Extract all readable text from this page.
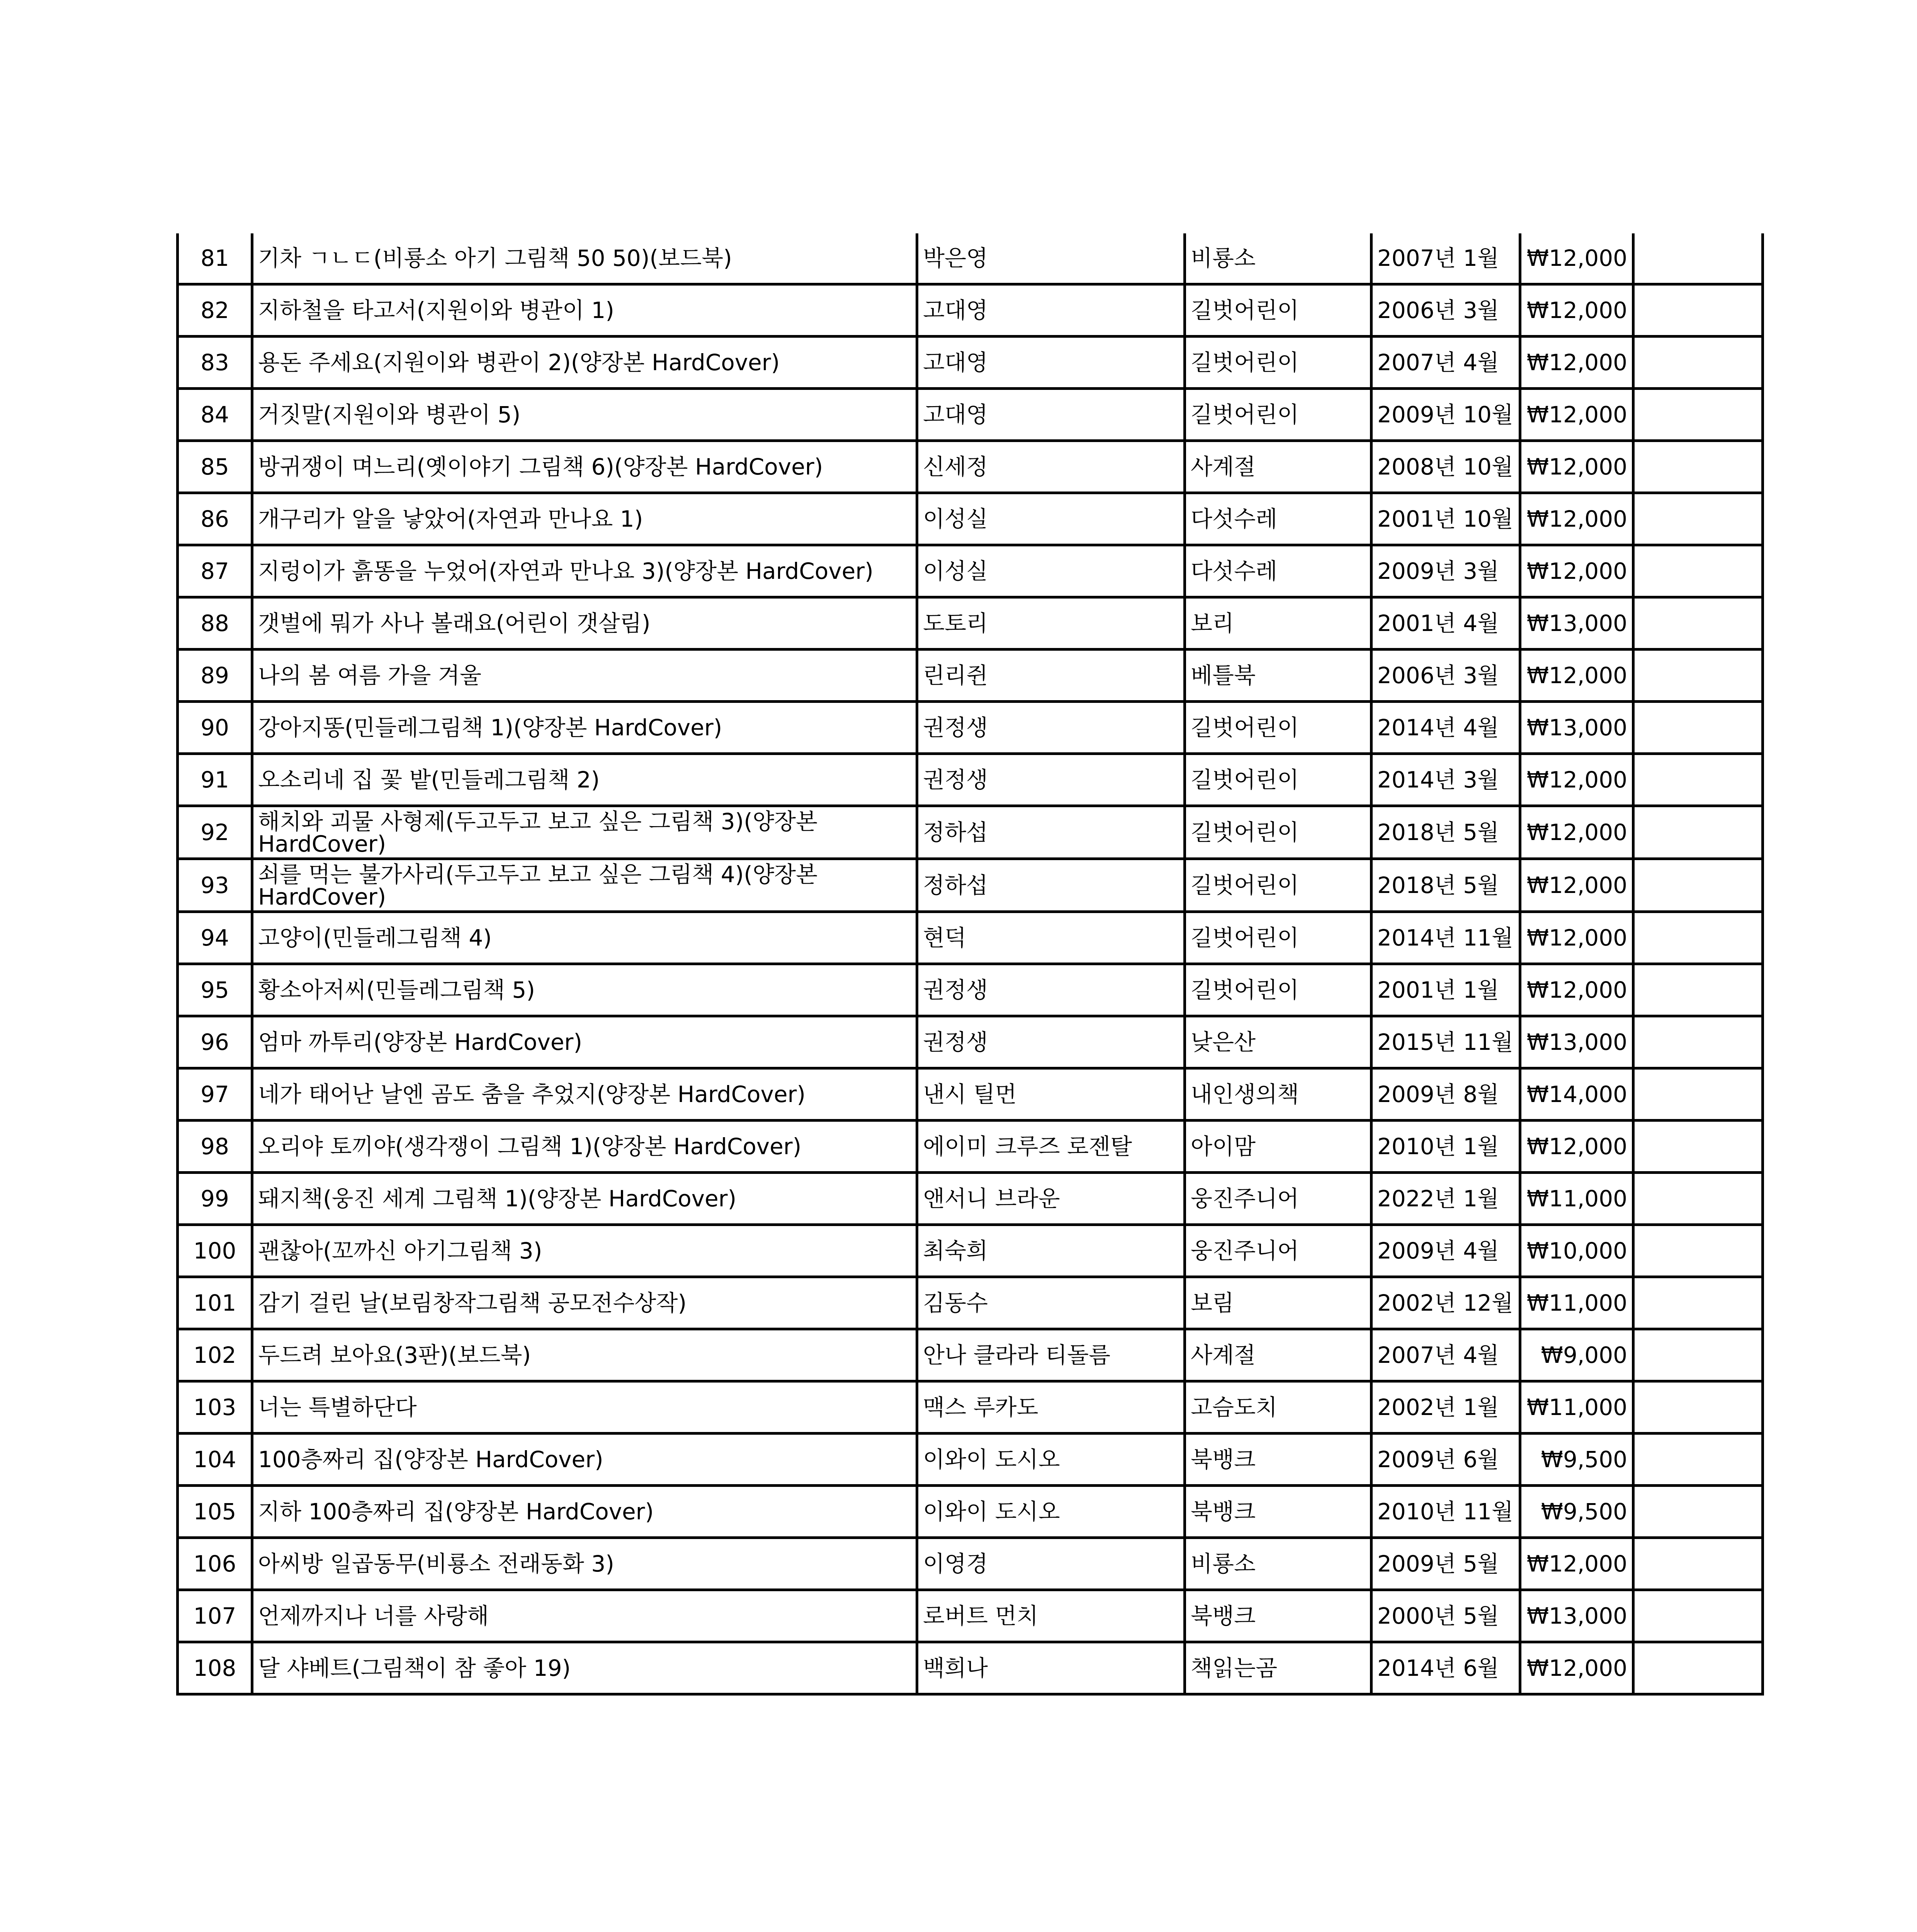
81	기차 ㄱㄴㄷ(비룡소 아기 그림책 50 50)(보드북)	박은영	비룡소	2007년 1월	₩12,000	
82	지하철을 타고서(지원이와 병관이 1)	고대영	길벗어린이	2006년 3월	₩12,000	
83	용돈 주세요(지원이와 병관이 2)(양장본 HardCover)	고대영	길벗어린이	2007년 4월	₩12,000	
84	거짓말(지원이와 병관이 5)	고대영	길벗어린이	2009년 10월	₩12,000	
85	방귀쟁이 며느리(옛이야기 그림책 6)(양장본 HardCover)	신세정	사계절	2008년 10월	₩12,000	
86	개구리가 알을 낳았어(자연과 만나요 1)	이성실	다섯수레	2001년 10월	₩12,000	
87	지렁이가 흙똥을 누었어(자연과 만나요 3)(양장본 HardCover)	이성실	다섯수레	2009년 3월	₩12,000	
88	갯벌에 뭐가 사나 볼래요(어린이 갯살림)	도토리	보리	2001년 4월	₩13,000	
89	나의 봄 여름 가을 겨울	린리쥔	베틀북	2006년 3월	₩12,000	
90	강아지똥(민들레그림책 1)(양장본 HardCover)	권정생	길벗어린이	2014년 4월	₩13,000	
91	오소리네 집 꽃 밭(민들레그림책 2)	권정생	길벗어린이	2014년 3월	₩12,000	
92	해치와 괴물 사형제(두고두고 보고 싶은 그림책 3)(양장본 HardCover)	정하섭	길벗어린이	2018년 5월	₩12,000	
93	쇠를 먹는 불가사리(두고두고 보고 싶은 그림책 4)(양장본 HardCover)	정하섭	길벗어린이	2018년 5월	₩12,000	
94	고양이(민들레그림책 4)	현덕	길벗어린이	2014년 11월	₩12,000	
95	황소아저씨(민들레그림책 5)	권정생	길벗어린이	2001년 1월	₩12,000	
96	엄마 까투리(양장본 HardCover)	권정생	낮은산	2015년 11월	₩13,000	
97	네가 태어난 날엔 곰도 춤을 추었지(양장본 HardCover)	낸시 틸먼	내인생의책	2009년 8월	₩14,000	
98	오리야 토끼야(생각쟁이 그림책 1)(양장본 HardCover)	에이미 크루즈 로젠탈	아이맘	2010년 1월	₩12,000	
99	돼지책(웅진 세계 그림책 1)(양장본 HardCover)	앤서니 브라운	웅진주니어	2022년 1월	₩11,000	
100	괜찮아(꼬까신 아기그림책 3)	최숙희	웅진주니어	2009년 4월	₩10,000	
101	감기 걸린 날(보림창작그림책 공모전수상작)	김동수	보림	2002년 12월	₩11,000	
102	두드려 보아요(3판)(보드북)	안나 클라라 티돌름	사계절	2007년 4월	₩9,000	
103	너는 특별하단다	맥스 루카도	고슴도치	2002년 1월	₩11,000	
104	100층짜리 집(양장본 HardCover)	이와이 도시오	북뱅크	2009년 6월	₩9,500	
105	지하 100층짜리 집(양장본 HardCover)	이와이 도시오	북뱅크	2010년 11월	₩9,500	
106	아씨방 일곱동무(비룡소 전래동화 3)	이영경	비룡소	2009년 5월	₩12,000	
107	언제까지나 너를 사랑해	로버트 먼치	북뱅크	2000년 5월	₩13,000	
108	달 샤베트(그림책이 참 좋아 19)	백희나	책읽는곰	2014년 6월	₩12,000	
